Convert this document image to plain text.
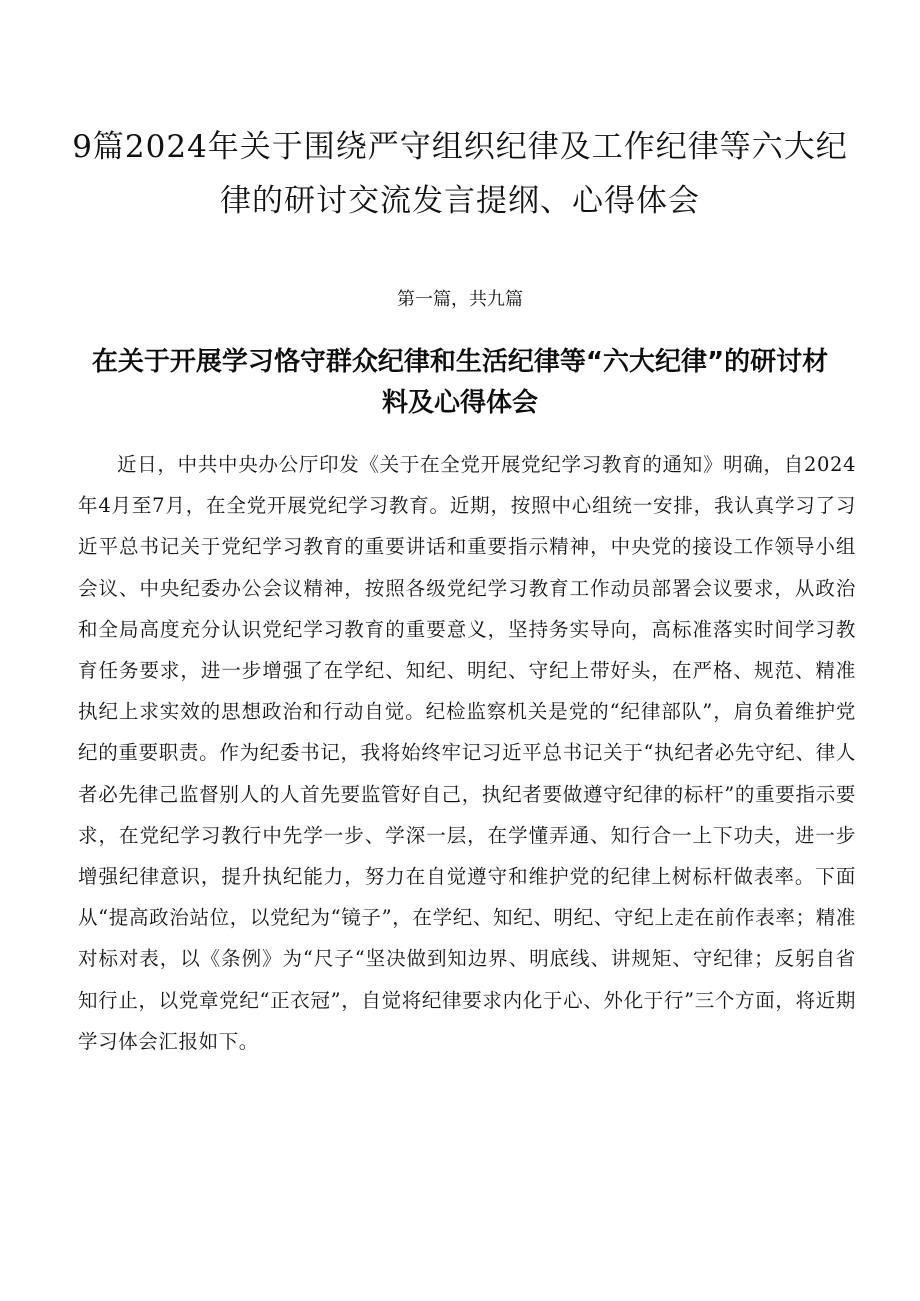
9篇2024年关于围绕严守组织纪律及工作纪律等六大纪律的研讨交流发言提纲、心得体会
第一篇，共九篇
在关于开展学习恪守群众纪律和生活纪律等“六大纪律”的研讨材料及心得体会

近日，中共中央办公厅印发《关于在全党开展党纪学习教育的通知》明确，自2024年4月至7月，在全党开展党纪学习教育。近期，按照中心组统一安排，我认真学习了习近平总书记关于党纪学习教育的重要讲话和重要指示精神，中央党的接设工作领导小组会议、中央纪委办公会议精神，按照各级党纪学习教育工作动员部署会议要求，从政治和全局高度充分认识党纪学习教育的重要意义，坚持务实导向，高标准落实时间学习教育任务要求，进一步增强了在学纪、知纪、明纪、守纪上带好头，在严格、规范、精准执纪上求实效的思想政治和行动自觉。纪检监察机关是党的“纪律部队”，肩负着维护党纪的重要职责。作为纪委书记，我将始终牢记习近平总书记关于“执纪者必先守纪、律人者必先律己监督别人的人首先要监管好自己，执纪者要做遵守纪律的标杆”的重要指示要求，在党纪学习教行中先学一步、学深一层，在学懂弄通、知行合一上下功夫，进一步增强纪律意识，提升执纪能力，努力在自觉遵守和维护党的纪律上树标杆做表率。下面从“提高政治站位，以党纪为“镜子”，在学纪、知纪、明纪、守纪上走在前作表率；精准对标对表，以《条例》为“尺子“坚决做到知边界、明底线、讲规矩、守纪律；反躬自省知行止，以党章党纪“正衣冠”，自觉将纪律要求内化于心、外化于行”三个方面，将近期学习体会汇报如下。
